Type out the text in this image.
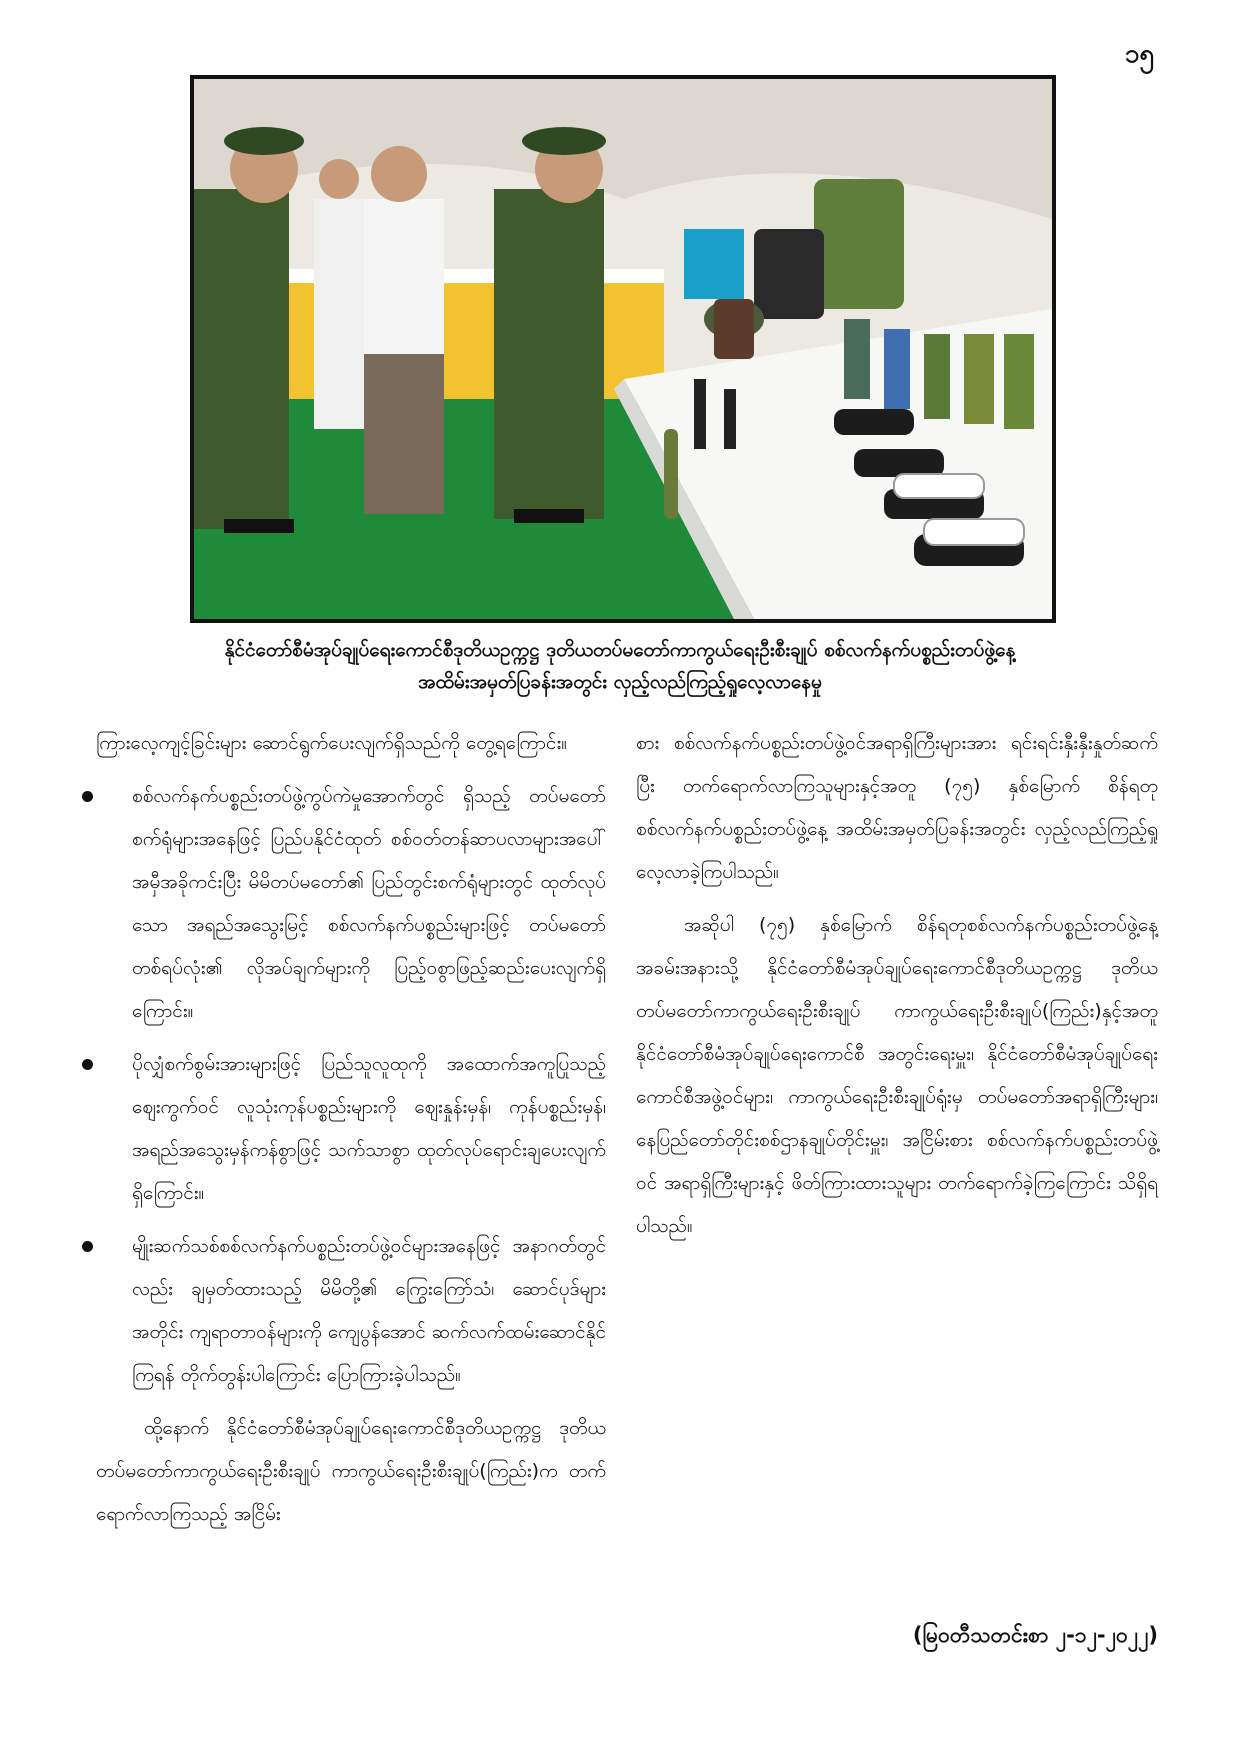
၁၅
နိုင်ငံတော်စီမံအုပ်ချုပ်ရေးကောင်စီဒုတိယဥက္ကဋ္ဌ ဒုတိယတပ်မတော်ကာကွယ်ရေးဦးစီးချုပ် စစ်လက်နက်ပစ္စည်းတပ်ဖွဲ့နေ့
အထိမ်းအမှတ်ပြခန်းအတွင်း လှည့်လည်ကြည့်ရှုလေ့လာနေမှု

ကြားလေ့ကျင့်ခြင်းများ ဆောင်ရွက်ပေးလျက်ရှိသည်ကို တွေ့ရကြောင်း။

စစ်လက်နက်ပစ္စည်းတပ်ဖွဲ့ကွပ်ကဲမှုအောက်တွင် ရှိသည့် တပ်မတော်စက်ရုံများအနေဖြင့် ပြည်ပနိုင်ငံထုတ် စစ်ဝတ်တန်ဆာပလာများအပေါ် အမှီအခိုကင်းပြီး မိမိတပ်မတော်၏ ပြည်တွင်းစက်ရုံများတွင် ထုတ်လုပ်သော အရည်အသွေးမြင့် စစ်လက်နက်ပစ္စည်းများဖြင့် တပ်မတော်တစ်ရပ်လုံး၏ လိုအပ်ချက်များကို ပြည့်ဝစွာဖြည့်ဆည်းပေးလျက်ရှိကြောင်း။
ပိုလျှံစက်စွမ်းအားများဖြင့် ပြည်သူလူထုကို အထောက်အကူပြုသည့် ဈေးကွက်ဝင် လူသုံးကုန်ပစ္စည်းများကို ဈေးနှုန်းမှန်၊ ကုန်ပစ္စည်းမှန်၊ အရည်အသွေးမှန်ကန်စွာဖြင့် သက်သာစွာ ထုတ်လုပ်ရောင်းချပေးလျက်ရှိကြောင်း။
မျိုးဆက်သစ်စစ်လက်နက်ပစ္စည်းတပ်ဖွဲ့ဝင်များအနေဖြင့် အနာဂတ်တွင်လည်း ချမှတ်ထားသည့် မိမိတို့၏ ကြွေးကြော်သံ၊ ဆောင်ပုဒ်များအတိုင်း ကျရာတာဝန်များကို ကျေပွန်အောင် ဆက်လက်ထမ်းဆောင်နိုင်ကြရန် တိုက်တွန်းပါကြောင်း ပြောကြားခဲ့ပါသည်။

ထို့နောက် နိုင်ငံတော်စီမံအုပ်ချုပ်ရေးကောင်စီဒုတိယဥက္ကဋ္ဌ ဒုတိယတပ်မတော်ကာကွယ်ရေးဦးစီးချုပ် ကာကွယ်ရေးဦးစီးချုပ်(ကြည်း)က တက်ရောက်လာကြသည့် အငြိမ်း

စား စစ်လက်နက်ပစ္စည်းတပ်ဖွဲ့ဝင်အရာရှိကြီးများအား ရင်းရင်းနှီးနှီးနှုတ်ဆက်ပြီး တက်ရောက်လာကြသူများနှင့်အတူ (၇၅) နှစ်မြောက် စိန်ရတုစစ်လက်နက်ပစ္စည်းတပ်ဖွဲ့နေ့ အထိမ်းအမှတ်ပြခန်းအတွင်း လှည့်လည်ကြည့်ရှုလေ့လာခဲ့ကြပါသည်။

အဆိုပါ (၇၅) နှစ်မြောက် စိန်ရတုစစ်လက်နက်ပစ္စည်းတပ်ဖွဲ့နေ့အခမ်းအနားသို့ နိုင်ငံတော်စီမံအုပ်ချုပ်ရေးကောင်စီဒုတိယဥက္ကဋ္ဌ ဒုတိယတပ်မတော်ကာကွယ်ရေးဦးစီးချုပ် ကာကွယ်ရေးဦးစီးချုပ်(ကြည်း)နှင့်အတူ နိုင်ငံတော်စီမံအုပ်ချုပ်ရေးကောင်စီ အတွင်းရေးမှူး၊ နိုင်ငံတော်စီမံအုပ်ချုပ်ရေးကောင်စီအဖွဲ့ဝင်များ၊ ကာကွယ်ရေးဦးစီးချုပ်ရုံးမှ တပ်မတော်အရာရှိကြီးများ၊ နေပြည်တော်တိုင်းစစ်ဌာနချုပ်တိုင်းမှူး၊ အငြိမ်းစား စစ်လက်နက်ပစ္စည်းတပ်ဖွဲ့ဝင် အရာရှိကြီးများနှင့် ဖိတ်ကြားထားသူများ တက်ရောက်ခဲ့ကြကြောင်း သိရှိရပါသည်။

(မြဝတီသတင်းစာ ၂-၁၂-၂၀၂၂)
